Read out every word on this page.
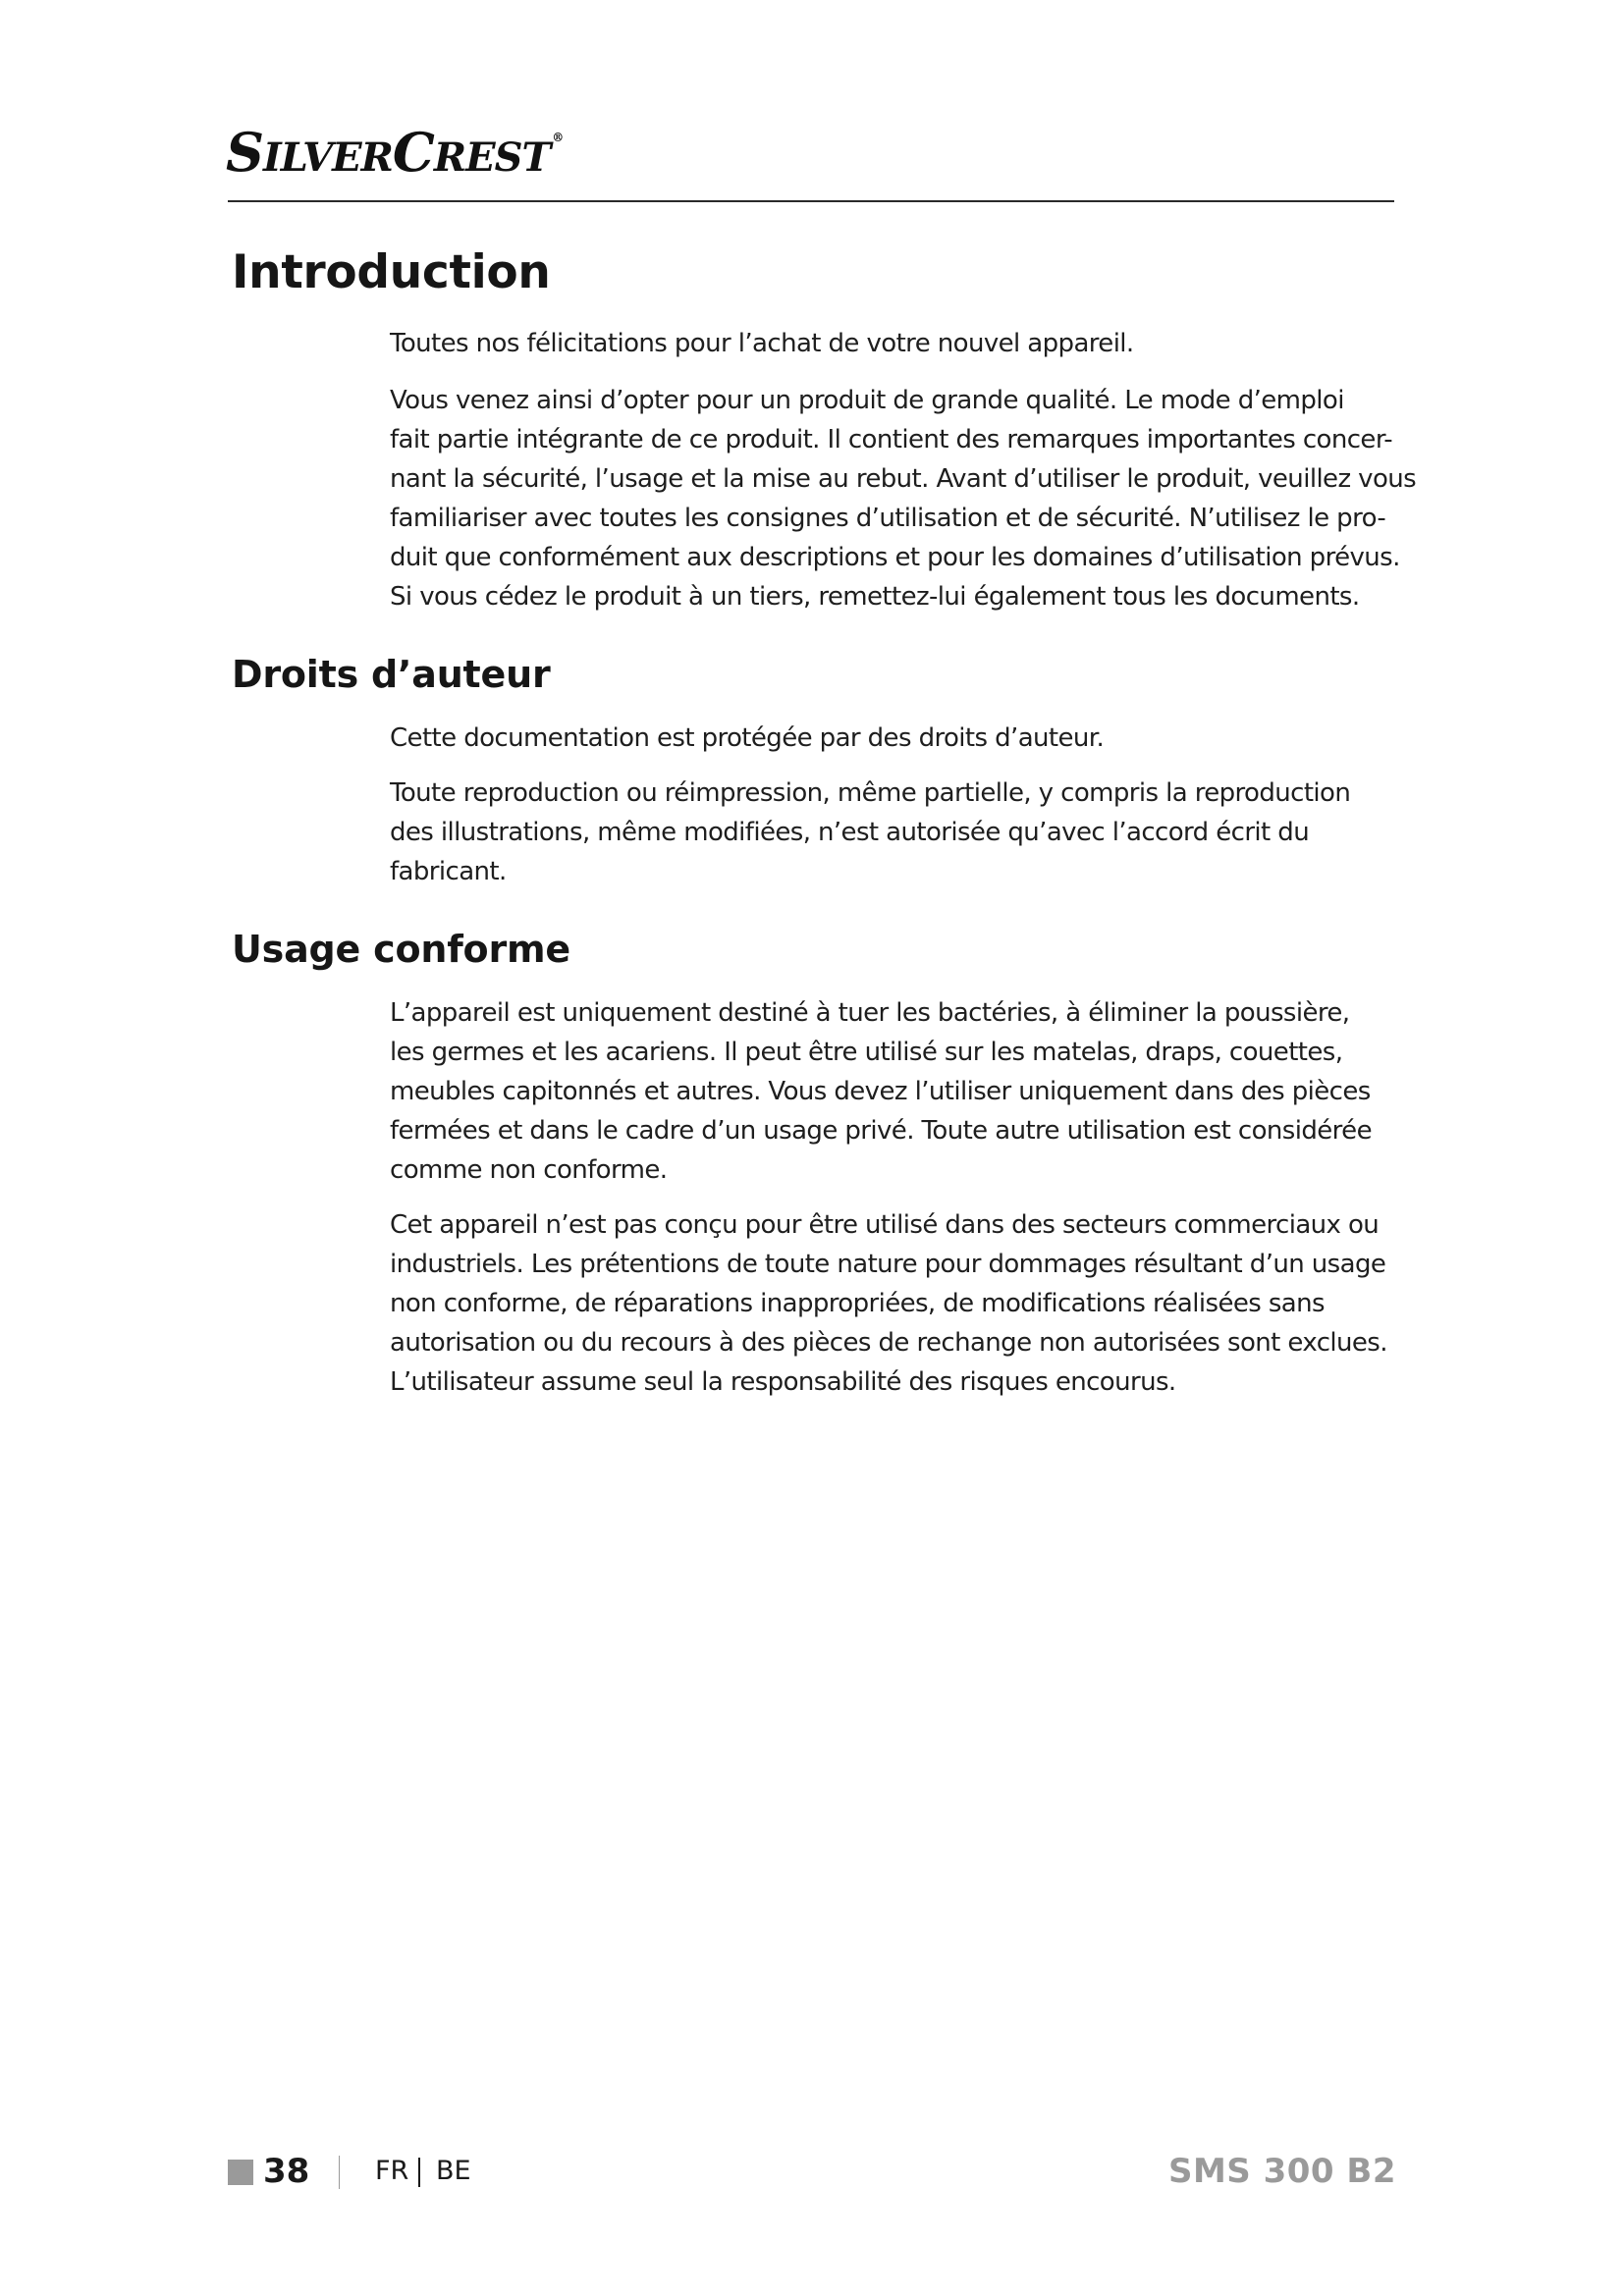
SILVERCREST ®
Introduction

Toutes nos félicitations pour l’achat de votre nouvel appareil.

Vous venez ainsi d’opter pour un produit de grande qualité. Le mode d’emploi
fait partie intégrante de ce produit. Il contient des remarques importantes concer-
nant la sécurité, l’usage et la mise au rebut. Avant d’utiliser le produit, veuillez vous
familiariser avec toutes les consignes d’utilisation et de sécurité. N’utilisez le pro-
duit que conformément aux descriptions et pour les domaines d’utilisation prévus.
Si vous cédez le produit à un tiers, remettez-lui également tous les documents.

Droits d’auteur

Cette documentation est protégée par des droits d’auteur.

Toute reproduction ou réimpression, même partielle, y compris la reproduction
des illustrations, même modifiées, n’est autorisée qu’avec l’accord écrit du
fabricant.

Usage conforme

L’appareil est uniquement destiné à tuer les bactéries, à éliminer la poussière,
les germes et les acariens. Il peut être utilisé sur les matelas, draps, couettes,
meubles capitonnés et autres. Vous devez l’utiliser uniquement dans des pièces
fermées et dans le cadre d’un usage privé. Toute autre utilisation est considérée
comme non conforme.

Cet appareil n’est pas conçu pour être utilisé dans des secteurs commerciaux ou
industriels. Les prétentions de toute nature pour dommages résultant d’un usage
non conforme, de réparations inappropriées, de modifications réalisées sans
autorisation ou du recours à des pièces de rechange non autorisées sont exclues.
L’utilisateur assume seul la responsabilité des risques encourus.

38 FR BE	SMS 300 B2
